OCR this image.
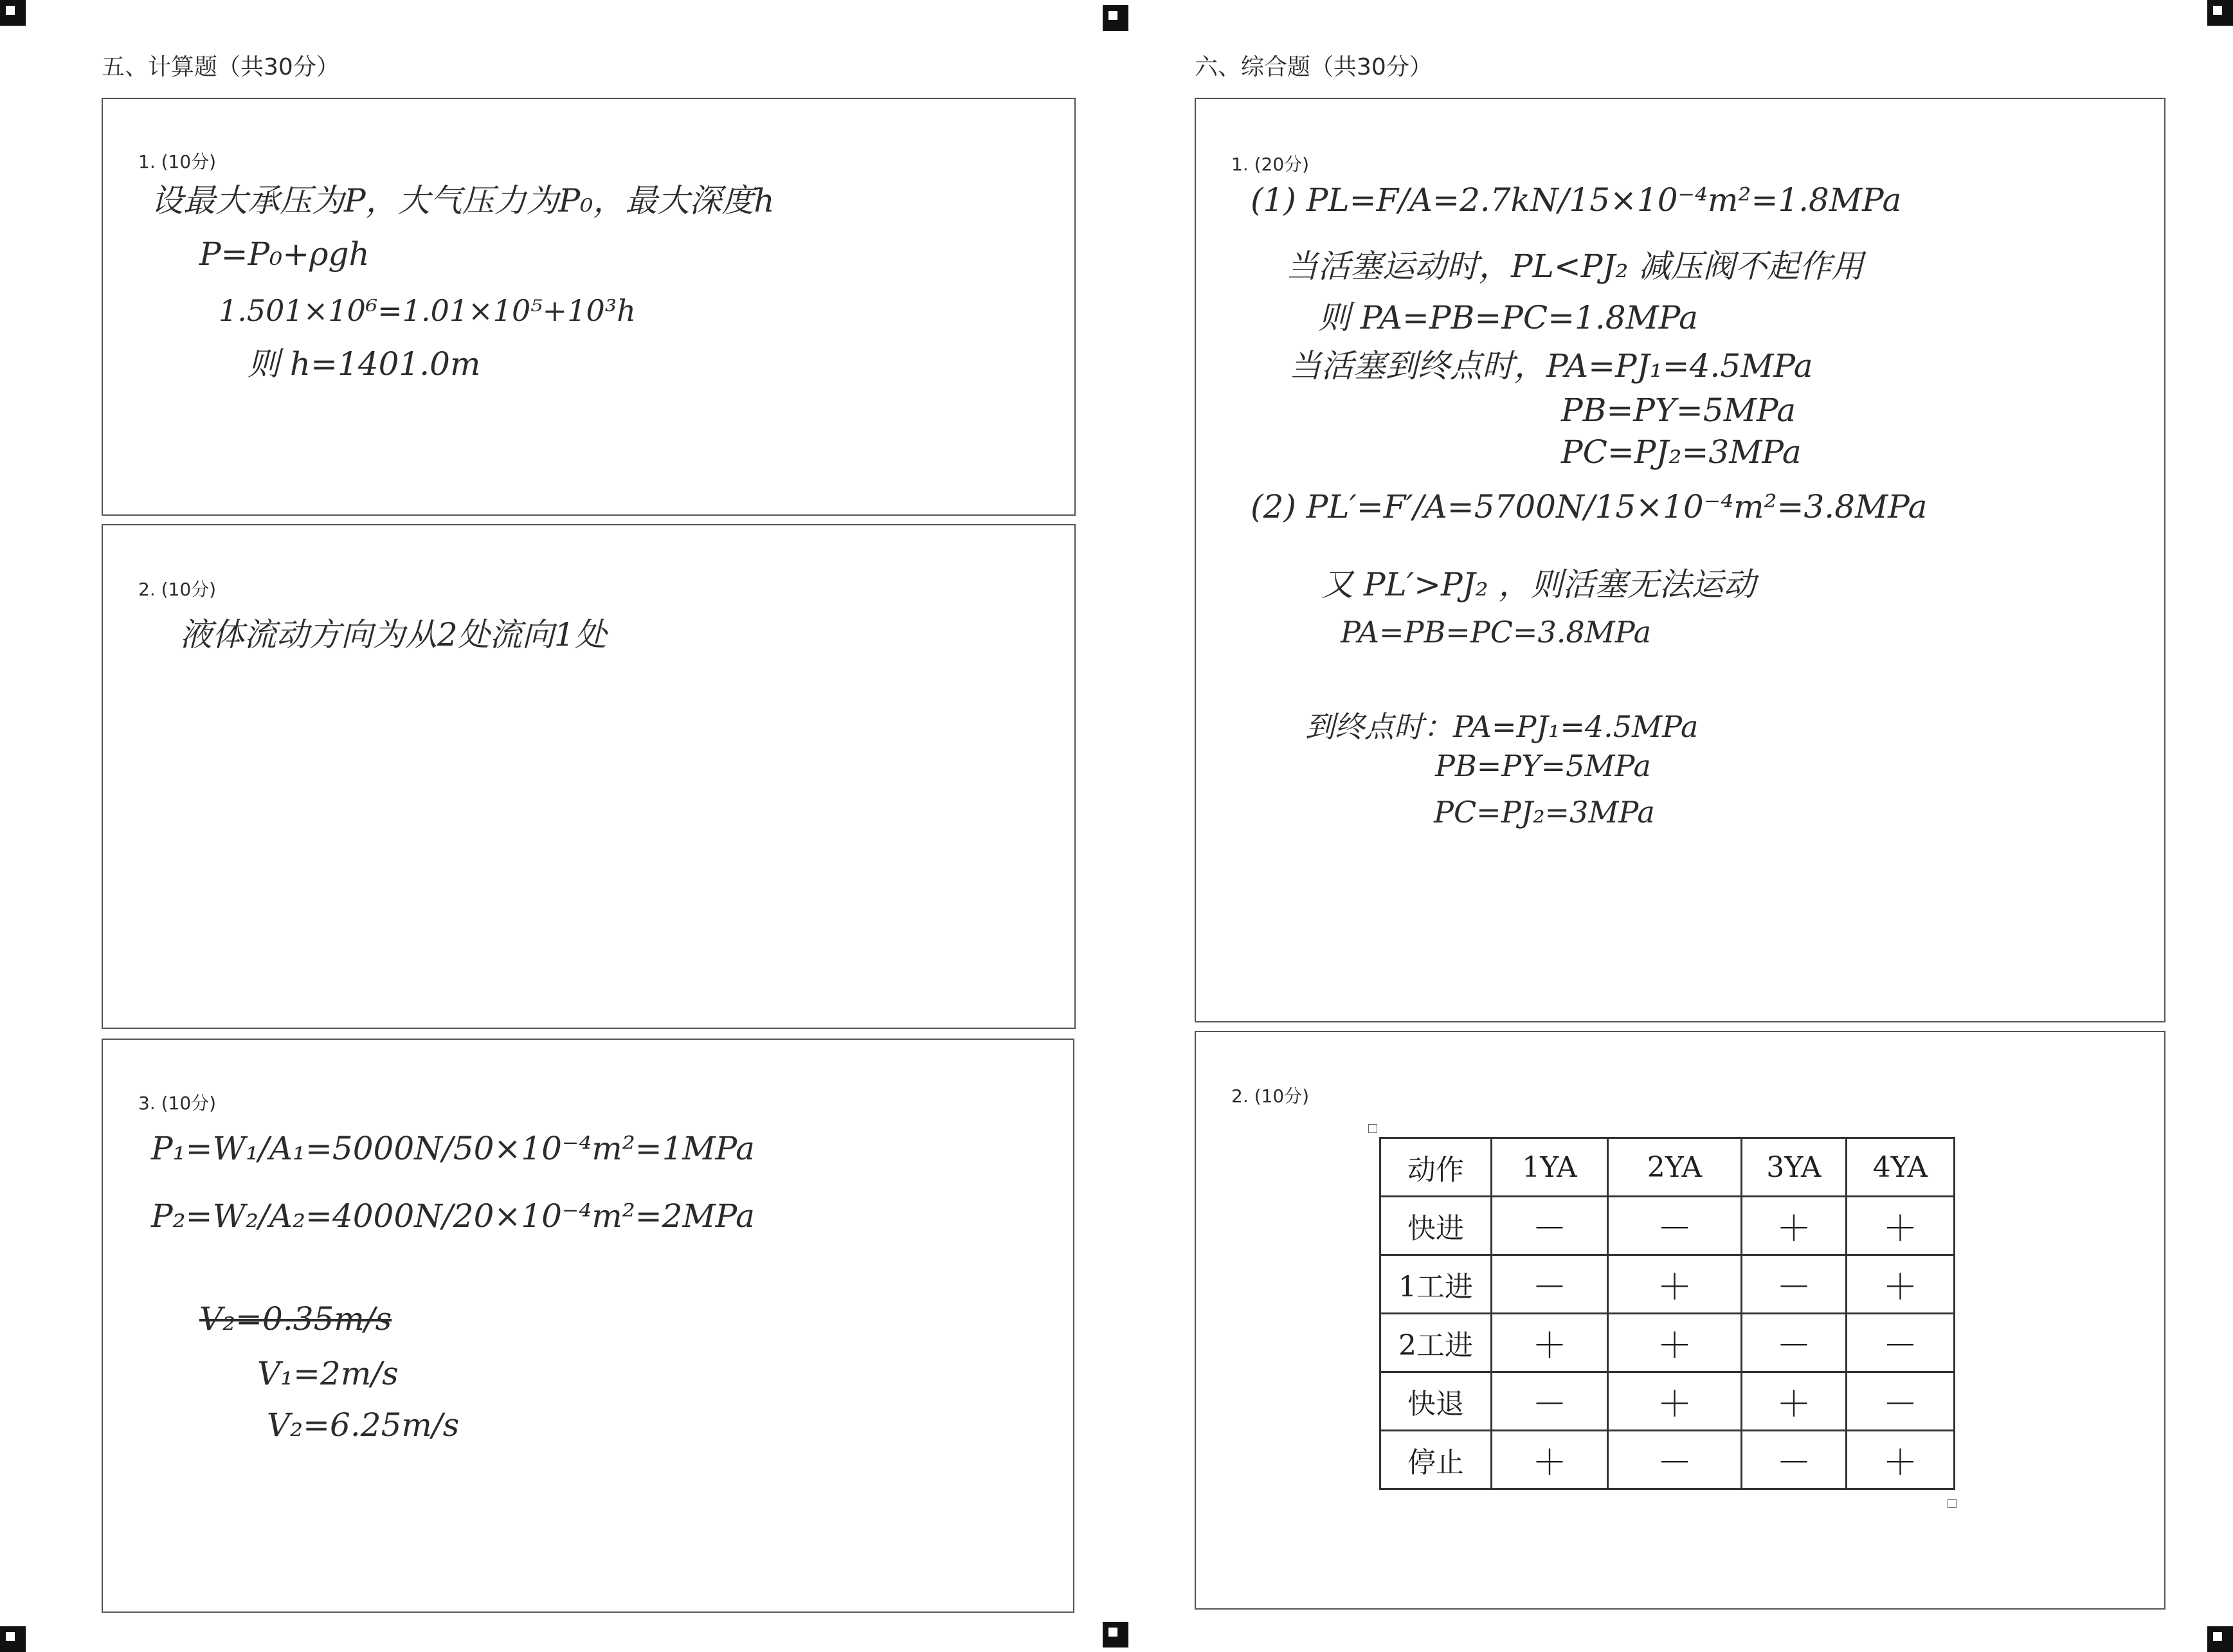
五、计算题（共30分）
1. (10分)
设最大承压为P，大气压力为P₀，最大深度h
P=P₀+ρgh
1.501×10⁶=1.01×10⁵+10³h
则 h=1401.0m
2. (10分)
液体流动方向为从2处流向1处
3. (10分)
P₁=W₁/A₁=5000N/50×10⁻⁴m²=1MPa
P₂=W₂/A₂=4000N/20×10⁻⁴m²=2MPa
V₂=0.35m/s
V₁=2m/s
V₂=6.25m/s
六、综合题（共30分）
1. (20分)
(1) PL=F/A=2.7kN/15×10⁻⁴m²=1.8MPa
当活塞运动时，PL<PJ₂ 减压阀不起作用
则 PA=PB=PC=1.8MPa
当活塞到终点时，PA=PJ₁=4.5MPa
PB=PY=5MPa
PC=PJ₂=3MPa
(2) PL′=F′/A=5700N/15×10⁻⁴m²=3.8MPa
又 PL′>PJ₂ ，则活塞无法运动
PA=PB=PC=3.8MPa
到终点时：PA=PJ₁=4.5MPa
PB=PY=5MPa
PC=PJ₂=3MPa
2. (10分)
动作	1YA	2YA	3YA	4YA
快进	－	－	＋	＋
1工进	－	＋	－	＋
2工进	＋	＋	－	－
快退	－	＋	＋	－
停止	＋	－	－	＋
